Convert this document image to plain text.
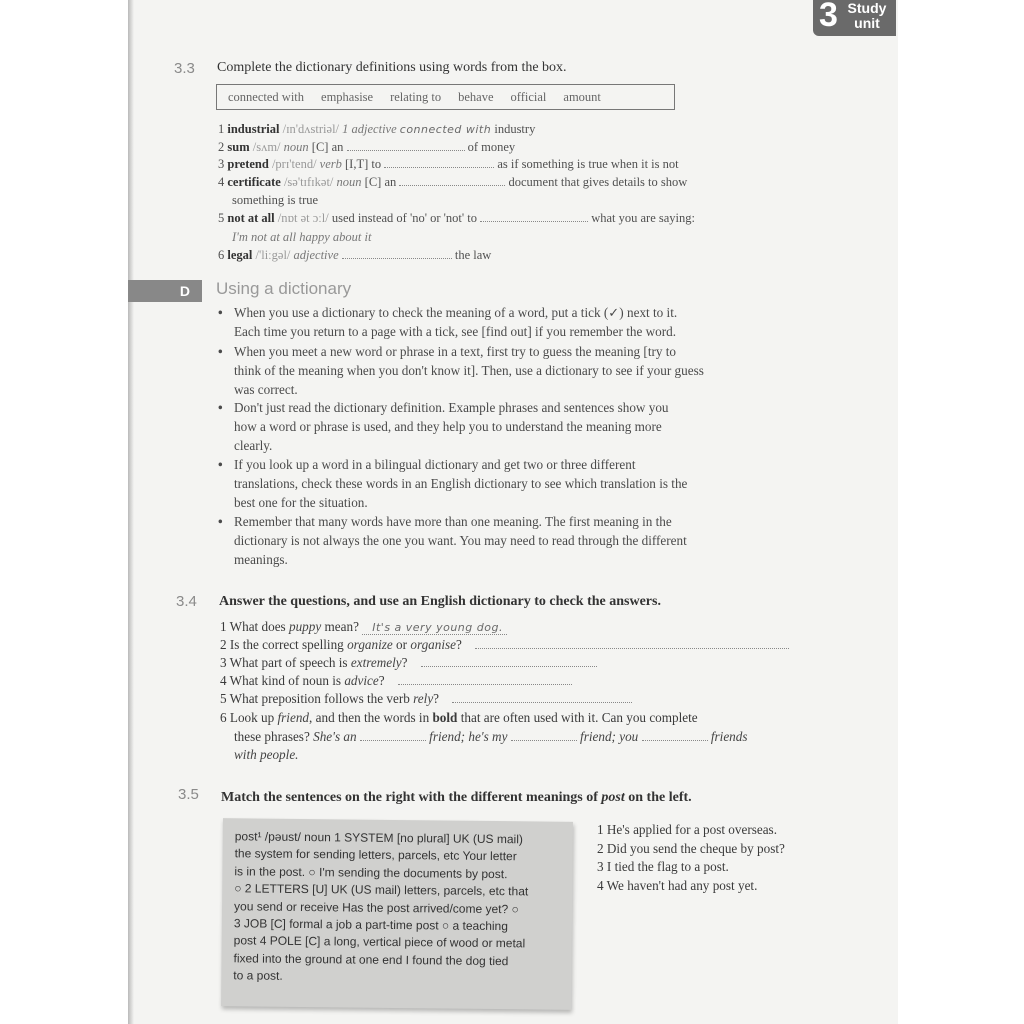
3 Study
unit
3.3 Complete the dictionary definitions using words from the box.
connected with emphasise relating to behave official amount
1 industrial /ɪn'dʌstriəl/ 1 adjective connected with industry
2 sum /sʌm/ noun [C] an	of money
3 pretend /prɪ'tend/ verb [I,T] to	as if something is true when it is not
4 certificate /sə'tɪfɪkət/ noun [C] an	document that gives details to show
something is true
5 not at all /nɒt ət ɔːl/ used instead of 'no' or 'not' to	what you are saying:
I'm not at all happy about it
6 legal /'liːgəl/ adjective	the law
D	Using a dictionary
• When you use a dictionary to check the meaning of a word, put a tick (✓) next to it.
Each time you return to a page with a tick, see [find out] if you remember the word.
• When you meet a new word or phrase in a text, first try to guess the meaning [try to
think of the meaning when you don't know it]. Then, use a dictionary to see if your guess
was correct.
• Don't just read the dictionary definition. Example phrases and sentences show you
how a word or phrase is used, and they help you to understand the meaning more
clearly.
• If you look up a word in a bilingual dictionary and get two or three different
translations, check these words in an English dictionary to see which translation is the
best one for the situation.
• Remember that many words have more than one meaning. The first meaning in the
dictionary is not always the one you want. You may need to read through the different
meanings.
3.4 Answer the questions, and use an English dictionary to check the answers.
1 What does puppy mean? It's a very young dog.
2 Is the correct spelling organize or organise?
3 What part of speech is extremely?
4 What kind of noun is advice?
5 What preposition follows the verb rely?
6 Look up friend, and then the words in bold that are often used with it. Can you complete
these phrases? She's an	friend; he's my	friend; you	friends
with people.
3.5 Match the sentences on the right with the different meanings of post on the left.
post¹ /pəust/ noun 1 SYSTEM [no plural] UK (US mail)
the system for sending letters, parcels, etc Your letter
is in the post. ○ I'm sending the documents by post.
○ 2 LETTERS [U] UK (US mail) letters, parcels, etc that
you send or receive Has the post arrived/come yet? ○
3 JOB [C] formal a job a part-time post ○ a teaching
post 4 POLE [C] a long, vertical piece of wood or metal
fixed into the ground at one end I found the dog tied
to a post.
1 He's applied for a post overseas.
2 Did you send the cheque by post?
3 I tied the flag to a post.
4 We haven't had any post yet.
